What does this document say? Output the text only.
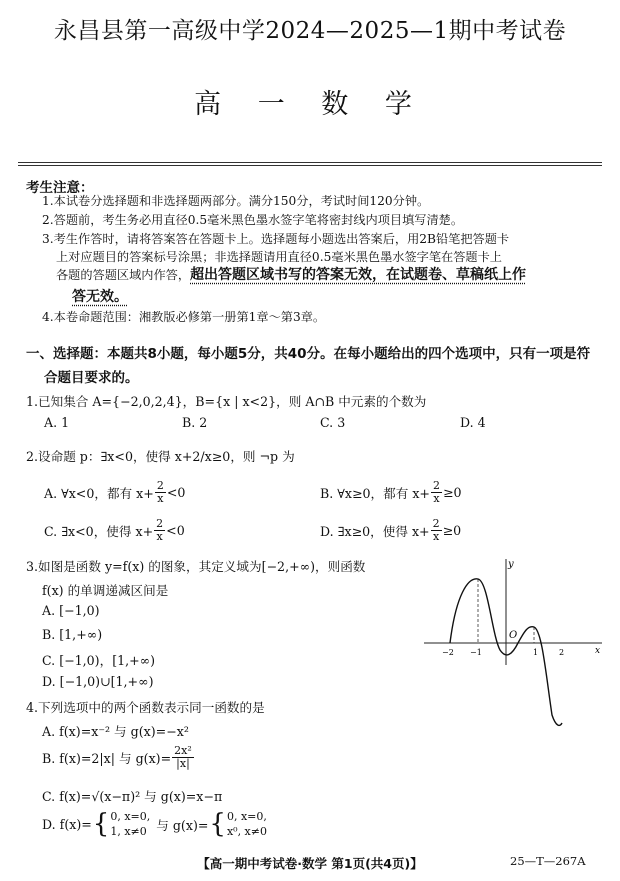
永昌县第一高级中学2024—2025—1期中考试卷
高 一 数 学
考生注意：
1.本试卷分选择题和非选择题两部分。满分150分，考试时间120分钟。
2.答题前，考生务必用直径0.5毫米黑色墨水签字笔将密封线内项目填写清楚。
3.考生作答时，请将答案答在答题卡上。选择题每小题选出答案后，用2B铅笔把答题卡
上对应题目的答案标号涂黑；非选择题请用直径0.5毫米黑色墨水签字笔在答题卡上
各题的答题区域内作答，超出答题区域书写的答案无效，在试题卷、草稿纸上作
答无效。
4.本卷命题范围：湘教版必修第一册第1章～第3章。
一、选择题：本题共8小题，每小题5分，共40分。在每小题给出的四个选项中，只有一项是符
合题目要求的。
1.已知集合 A={−2,0,2,4}，B={x | x<2}，则 A∩B 中元素的个数为
A. 1	B. 2	C. 3	D. 4
2.设命题 p：∃x<0，使得 x+2/x≥0，则 ¬p 为
A. ∀x<0，都有 $x+ \frac{2}{x} <0$	B. ∀x≥0，都有 $x+ \frac{2}{x} \ge 0$
C. ∃x<0，使得 $x+ \frac{2}{x} <0$	D. ∃x≥0，使得 $x+ \frac{2}{x} \ge 0$
3.如图是函数 y=f(x) 的图象，其定义域为[−2,+∞)，则函数
f(x) 的单调递减区间是
A. [−1,0)
B. [1,+∞)
C. [−1,0)，[1,+∞)
D. [−1,0)∪[1,+∞)
y
x
O
−2 −1	1	2
4.下列选项中的两个函数表示同一函数的是
A. f(x)=x⁻² 与 g(x)=−x²
B. f(x)=2|x| 与 $g(x)= \frac{\text{2x²}}{|x|}$
C. f(x)=√(x−π)² 与 g(x)=x−π
D. f(x)= { 0, x=0,
1, x≠0 与 g(x)= { 0, x=0,
x⁰, x≠0
【高一期中考试卷·数学 第1页(共4页)】	25—T—267A
